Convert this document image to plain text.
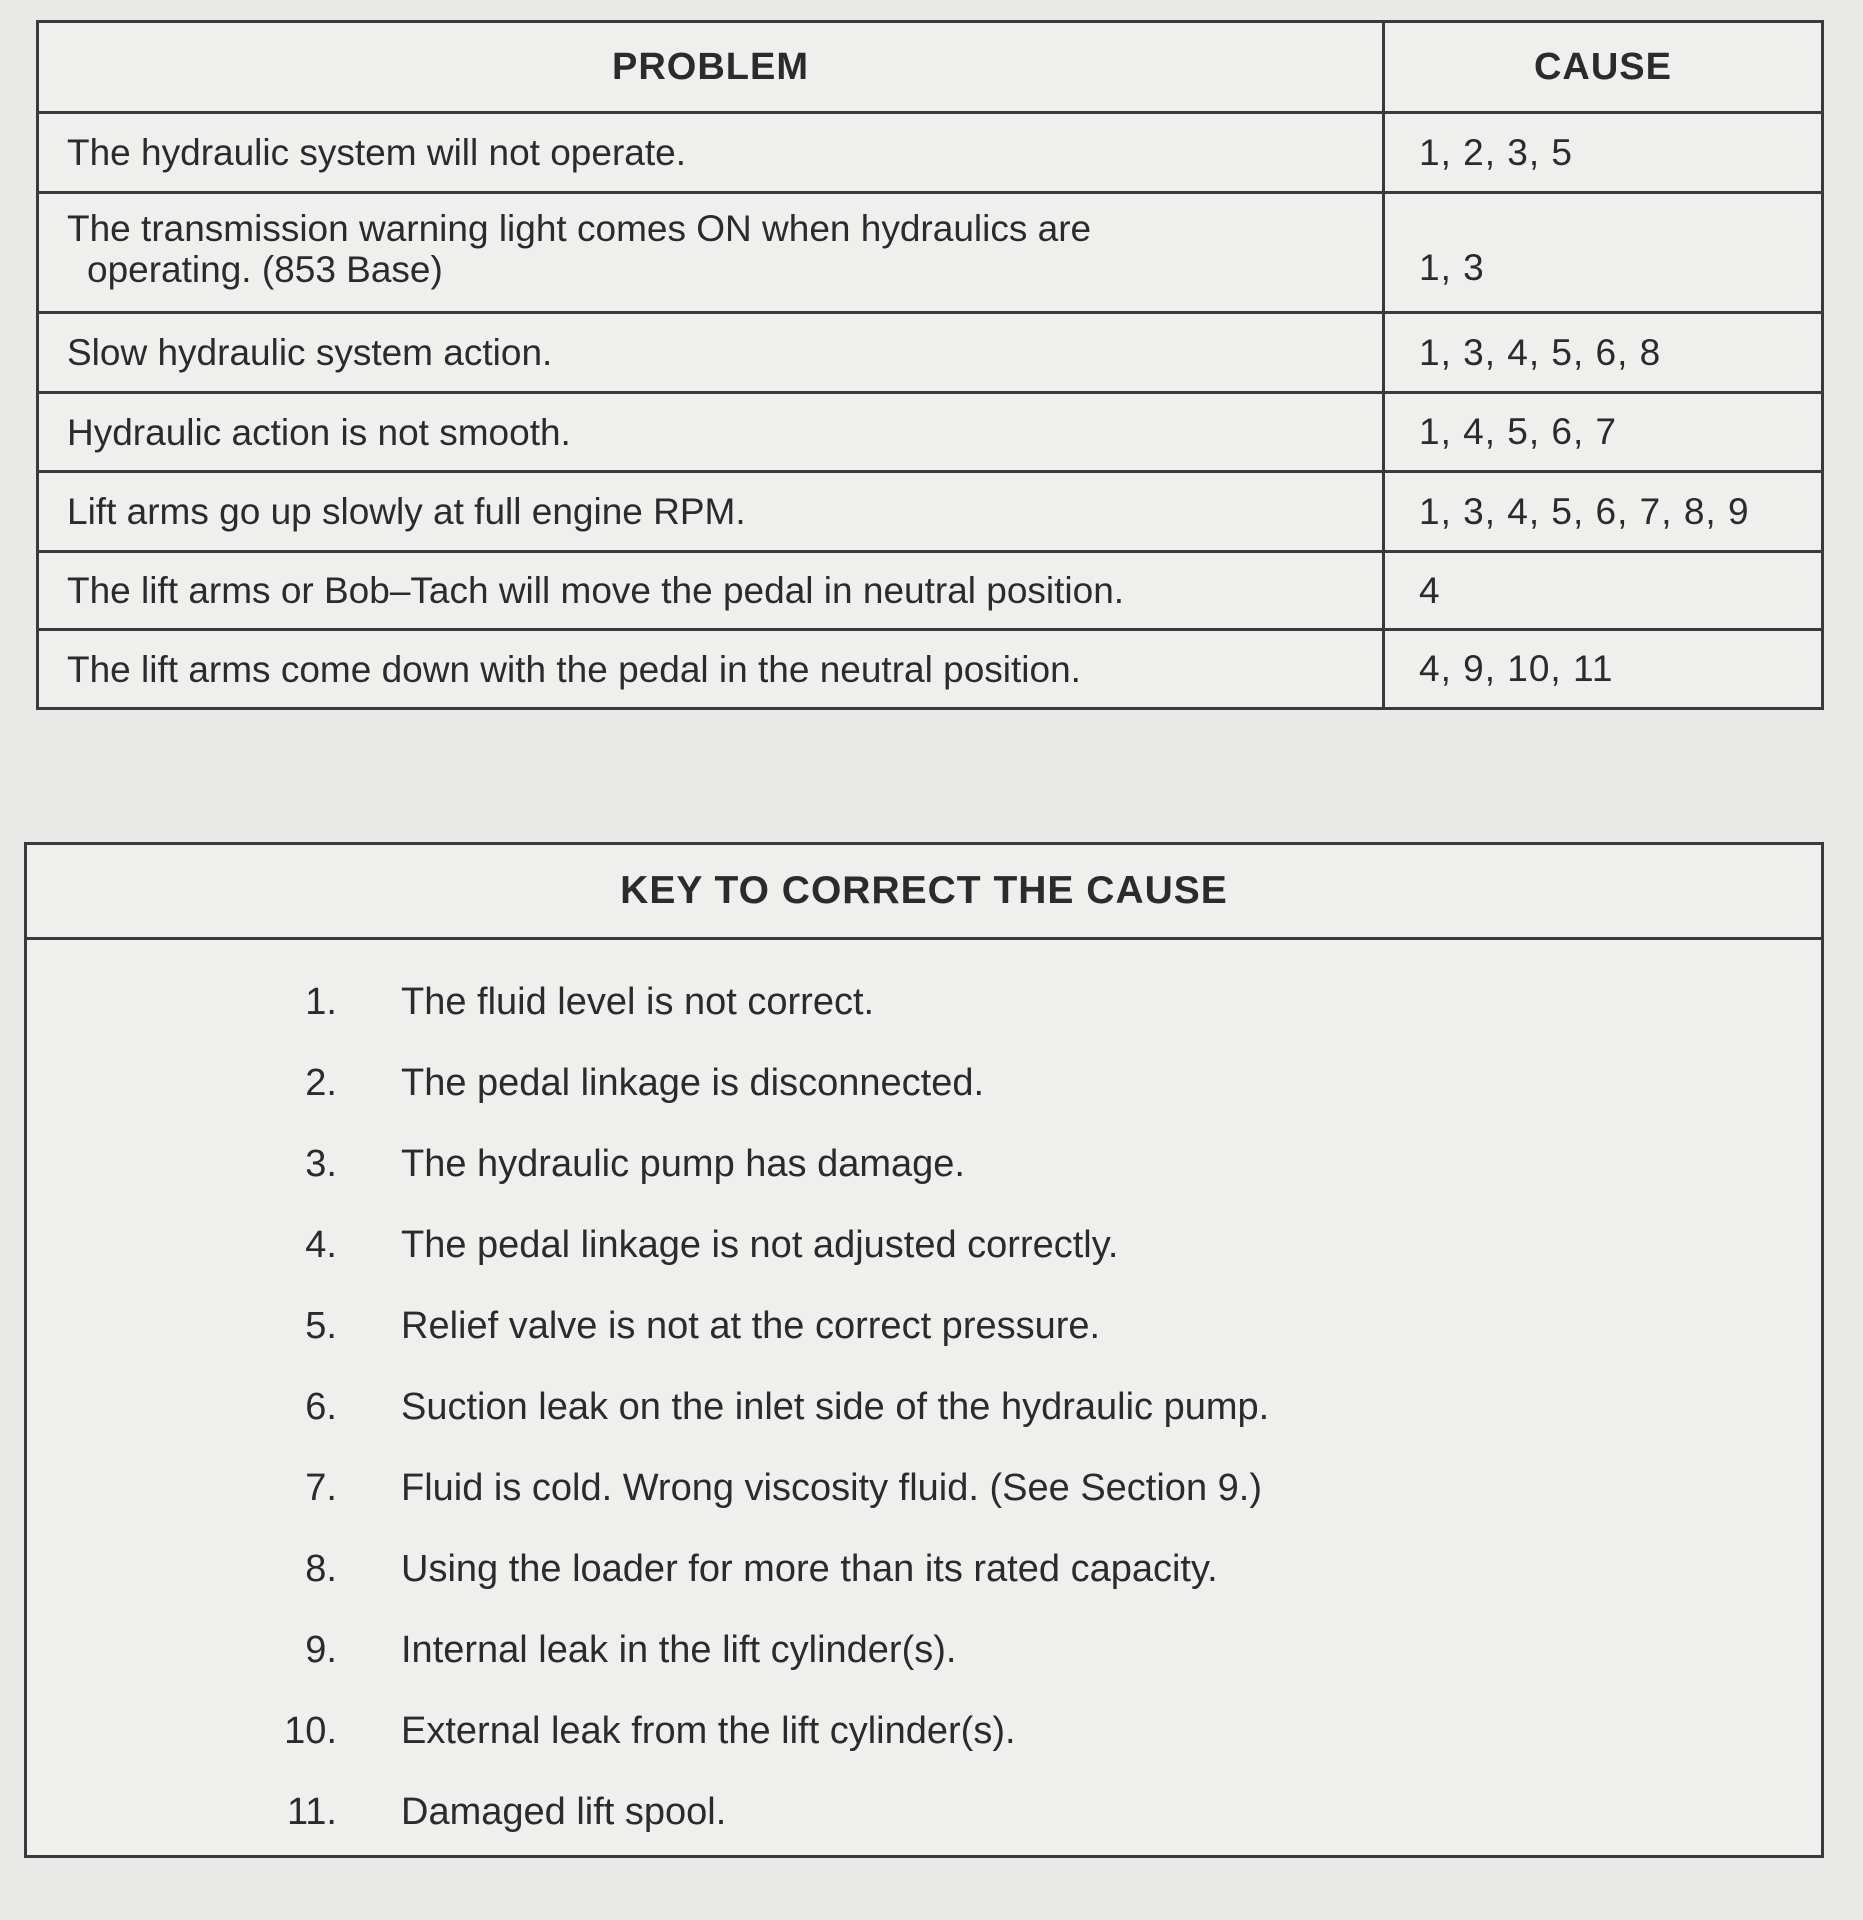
PROBLEM	CAUSE
The hydraulic system will not operate.	1, 2, 3, 5
The transmission warning light comes ON when hydraulics are
operating. (853 Base)	1, 3
Slow hydraulic system action.	1, 3, 4, 5, 6, 8
Hydraulic action is not smooth.	1, 4, 5, 6, 7
Lift arms go up slowly at full engine RPM.	1, 3, 4, 5, 6, 7, 8, 9
The lift arms or Bob–Tach will move the pedal in neutral position.	4
The lift arms come down with the pedal in the neutral position.	4, 9, 10, 11
KEY TO CORRECT THE CAUSE
1.	The fluid level is not correct.
2.	The pedal linkage is disconnected.
3.	The hydraulic pump has damage.
4.	The pedal linkage is not adjusted correctly.
5.	Relief valve is not at the correct pressure.
6.	Suction leak on the inlet side of the hydraulic pump.
7.	Fluid is cold. Wrong viscosity fluid. (See Section 9.)
8.	Using the loader for more than its rated capacity.
9.	Internal leak in the lift cylinder(s).
10.	External leak from the lift cylinder(s).
11.	Damaged lift spool.
